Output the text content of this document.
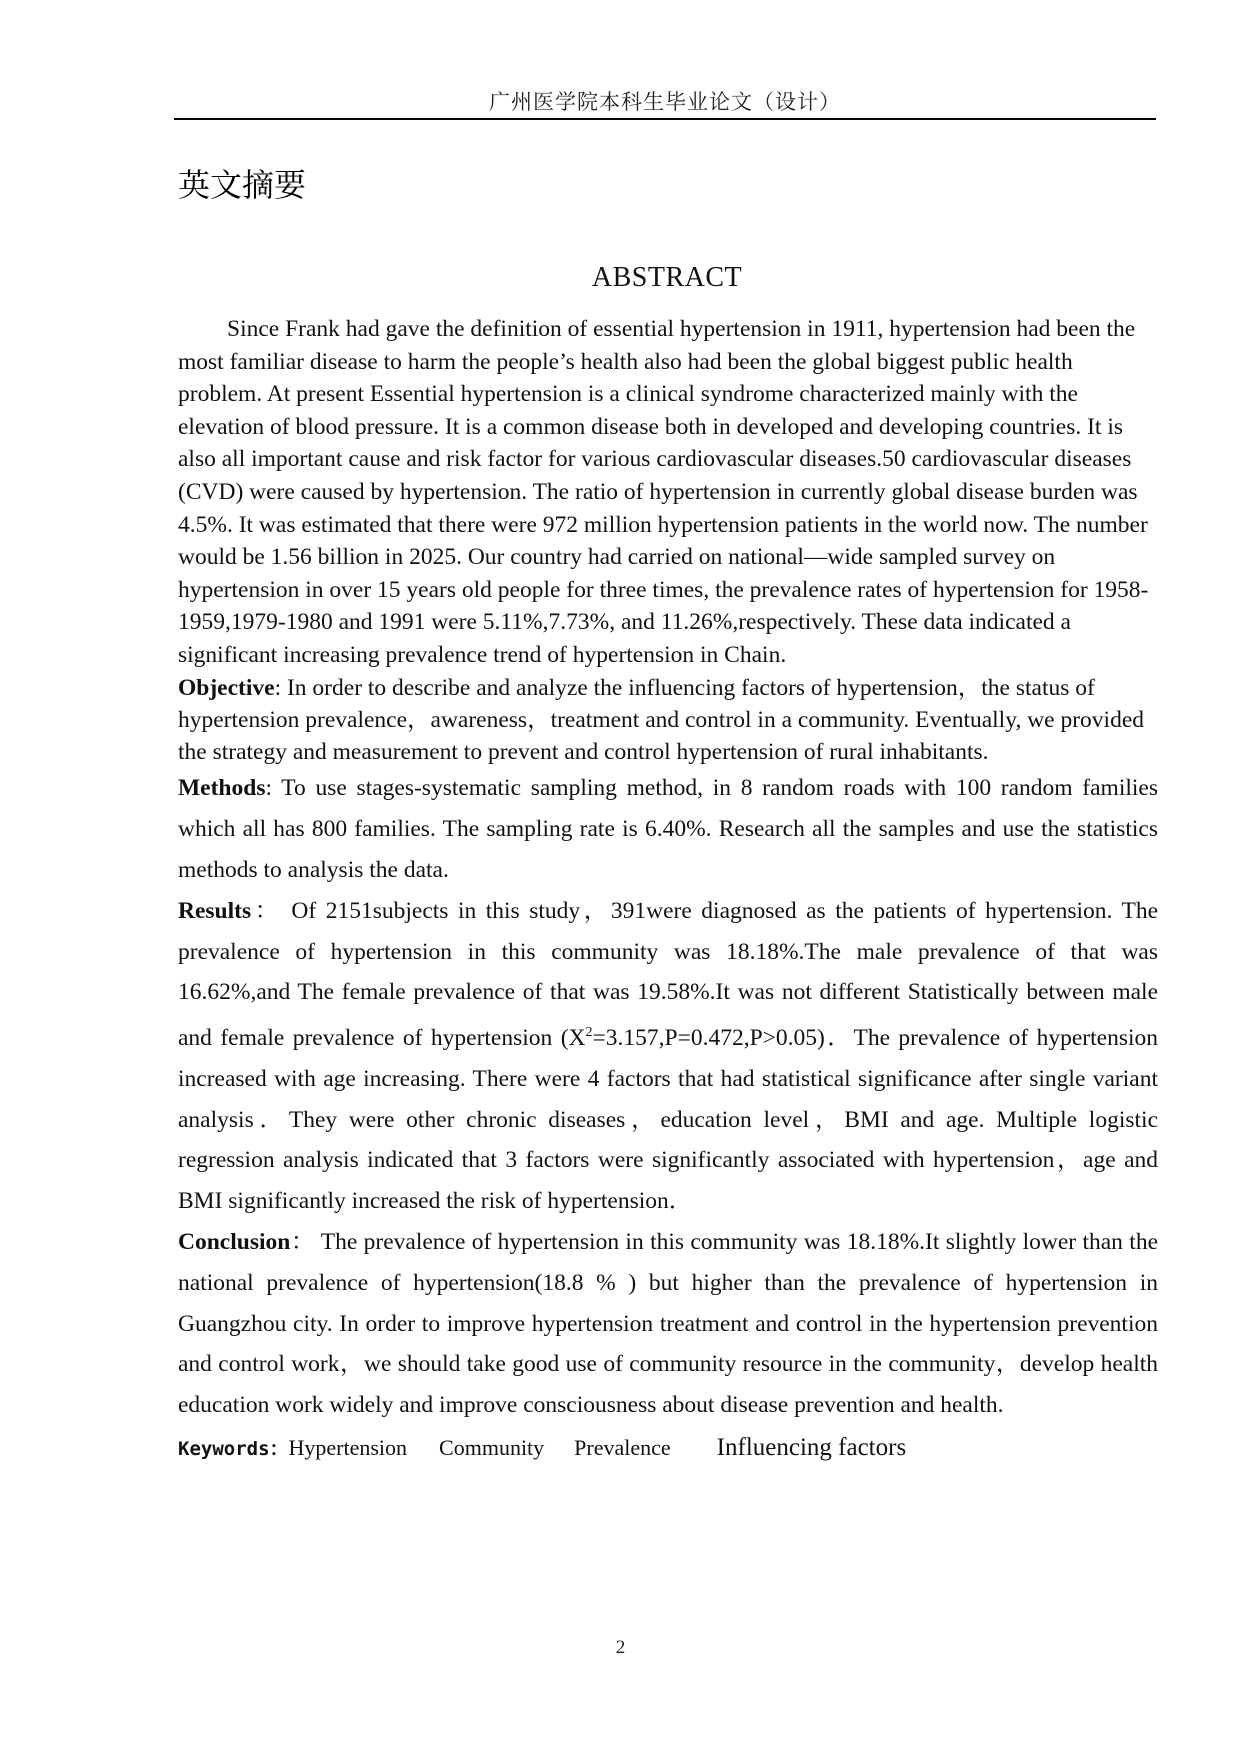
广州医学院本科生毕业论文（设计）
英文摘要
ABSTRACT

Since Frank had gave the definition of essential hypertension in 1911, hypertension had been the most familiar disease to harm the people’s health also had been the global biggest public health problem. At present Essential hypertension is a clinical syndrome characterized mainly with the elevation of blood pressure. It is a common disease both in developed and developing countries. It is also all important cause and risk factor for various cardiovascular diseases.50 cardiovascular diseases (CVD) were caused by hypertension. The ratio of hypertension in currently global disease burden was 4.5%. It was estimated that there were 972 million hypertension patients in the world now. The number would be 1.56 billion in 2025. Our country had carried on national—wide sampled survey on hypertension in over 15 years old people for three times, the prevalence rates of hypertension for 1958-1959,1979-1980 and 1991 were 5.11%,7.73%, and 11.26%,respectively. These data indicated a significant increasing prevalence trend of hypertension in Chain.

Objective: In order to describe and analyze the influencing factors of hypertension，the status of hypertension prevalence，awareness，treatment and control in a community. Eventually, we provided the strategy and measurement to prevent and control hypertension of rural inhabitants.

Methods: To use stages-systematic sampling method, in 8 random roads with 100 random families which all has 800 families. The sampling rate is 6.40%. Research all the samples and use the statistics methods to analysis the data.

Results： Of 2151subjects in this study，391were diagnosed as the patients of hypertension. The prevalence of hypertension in this community was 18.18%.The male prevalence of that was 16.62%,and The female prevalence of that was 19.58%.It was not different Statistically between male and female prevalence of hypertension $(X^2=3.157,P=0.472,P>0.05)$．The prevalence of hypertension increased with age increasing. There were 4 factors that had statistical significance after single variant analysis．They were other chronic diseases，education level，BMI and age. Multiple logistic regression analysis indicated that 3 factors were significantly associated with hypertension，age and BMI significantly increased the risk of hypertension．

Conclusion： The prevalence of hypertension in this community was 18.18%.It slightly lower than the national prevalence of hypertension(18.8 % ) but higher than the prevalence of hypertension in Guangzhou city. In order to improve hypertension treatment and control in the hypertension prevention and control work，we should take good use of community resource in the community，develop health education work widely and improve consciousness about disease prevention and health.

Keywords：Hypertension Community Prevalence Influencing factors

2
